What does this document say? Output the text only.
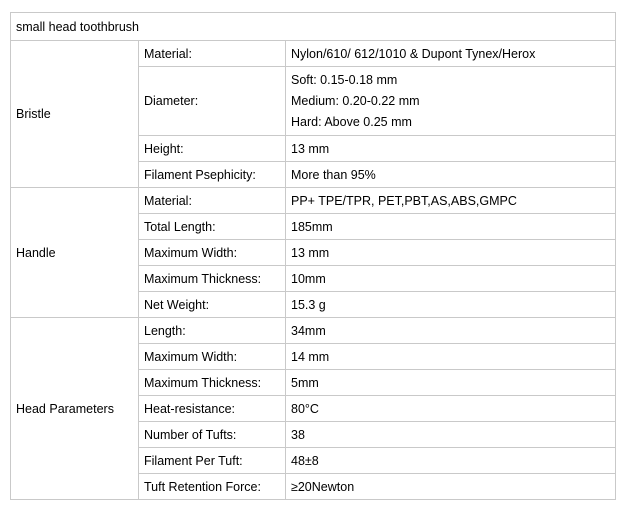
small head toothbrush		
Bristle	Material:	Nylon/610/ 612/1010 & Dupont Tynex/Herox
	Diameter:	Soft: 0.15-0.18 mm
Medium: 0.20-0.22 mm
Hard: Above 0.25 mm

	Height:	13 mm
	Filament Psephicity:	More than 95%
Handle	Material:	PP+ TPE/TPR, PET,PBT,AS,ABS,GMPC
	Total Length:	185mm
	Maximum Width:	13 mm
	Maximum Thickness:	10mm
	Net Weight:	15.3 g
Head Parameters	Length:	34mm
	Maximum Width:	14 mm
	Maximum Thickness:	5mm
	Heat-resistance:	80°C
	Number of Tufts:	38
	Filament Per Tuft:	48±8
	Tuft Retention Force:	≥20Newton
